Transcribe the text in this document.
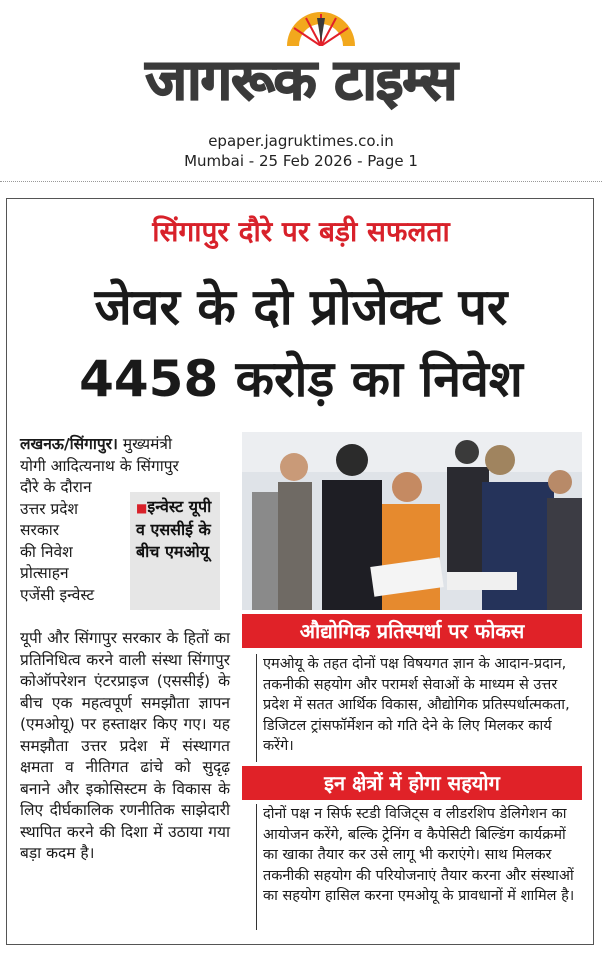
जागरूक टाइम्स
epaper.jagruktimes.co.in
Mumbai - 25 Feb 2026 - Page 1
सिंगापुर दौरे पर बड़ी सफलता
जेवर के दो प्रोजेक्ट पर
4458 करोड़ का निवेश
लखनऊ/सिंगापुर। मुख्यमंत्री
योगी आदित्यनाथ के सिंगापुर
दौरे के दौरान
उत्तर प्रदेश
सरकार
की निवेश
प्रोत्साहन
एजेंसी इन्वेस्ट
■इन्वेस्ट यूपी व एससीई के बीच एमओयू
यूपी और सिंगापुर सरकार के हितों का प्रतिनिधित्व करने वाली संस्था सिंगापुर कोऑपरेशन एंटरप्राइज (एससीई) के बीच एक महत्वपूर्ण समझौता ज्ञापन (एमओयू) पर हस्ताक्षर किए गए। यह समझौता उत्तर प्रदेश में संस्थागत क्षमता व नीतिगत ढांचे को सुदृढ़ बनाने और इकोसिस्टम के विकास के लिए दीर्घकालिक रणनीतिक साझेदारी स्थापित करने की दिशा में उठाया गया बड़ा कदम है।
औद्योगिक प्रतिस्पर्धा पर फोकस
एमओयू के तहत दोनों पक्ष विषयगत ज्ञान के आदान-प्रदान, तकनीकी सहयोग और परामर्श सेवाओं के माध्यम से उत्तर प्रदेश में सतत आर्थिक विकास, औद्योगिक प्रतिस्पर्धात्मकता, डिजिटल ट्रांसफॉर्मेशन को गति देने के लिए मिलकर कार्य करेंगे।
इन क्षेत्रों में होगा सहयोग
दोनों पक्ष न सिर्फ स्टडी विजिट्स व लीडरशिप डेलिगेशन का आयोजन करेंगे, बल्कि ट्रेनिंग व कैपेसिटी बिल्डिंग कार्यक्रमों का खाका तैयार कर उसे लागू भी कराएंगे। साथ मिलकर तकनीकी सहयोग की परियोजनाएं तैयार करना और संस्थाओं का सहयोग हासिल करना एमओयू के प्रावधानों में शामिल है।
